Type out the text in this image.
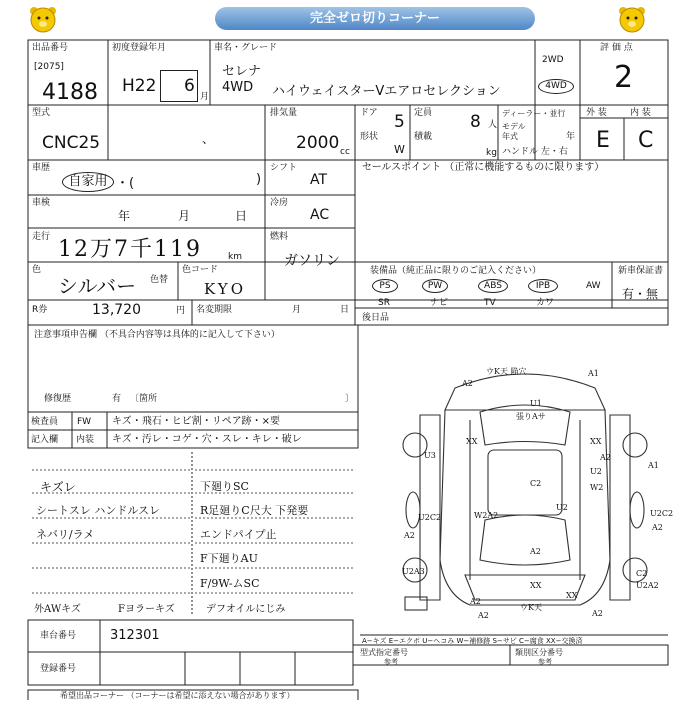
完全ゼロ切りコーナー
出品番号
[2075]
4188
初度登録年月
H22 6
月
車名・グレード
セレナ
4WD ハイウェイスターVエアロセレクション
2WD
4WD
評 価 点
2
型式
CNC25	、
排気量
2000 cc
ドア 5 定員 8 人
形状
W
積載
kg
ディーラー・並行
モデル年式	年
ハンドル 左・右
外 装	内 装
E C
車歴
自家用 ・(	)
シフト
AT
セールスポイント （正常に機能するものに限ります）
車検
年	月	日
冷房
AC
走行 12万7千119	km
燃料
ガソリン
色
シルバー 色替
色コード
KYO
装備品（純正品に限りのご記入ください）
PS	PW	ABS	IPB	AW
SR	ナビ	TV	カワ
新車保証書
有・無
R券	13,720	円 名変期限	月	日
後日品
注意事項申告欄 （不具合内容等は具体的に記入して下さい）
修復歴	有 〔箇所	〕
検査員 FW キズ・飛石・ヒビ割・リペア跡・×要
記入欄 内装 キズ・汚レ・コゲ・穴・スレ・キレ・破レ
キズレ
シートスレ ハンドルスレ
ネバリ/ラメ
下廻りSC
R足廻りC尺大 下発要
エンドパイプ止
F下廻りAU
F/9W-ムSC
外AWキズ	Fヨラーキズ	デフオイルにじみ
ウK天 陥穴	A1
A2
U1
張りAサ
XX	XX
U3
C2	W2
A1
U2C2	W2A2
A2
U2A3
A2
XX
U2
A2
C2
U2A2
U2C2
A2
U2
A2
XX
ウK天
A2	A2
A−キズ E−エクボ U−ヘコみ W−補修跡 S−サビ C−腐食 XX−交換済
車台番号	312301
登録番号
型式指定番号
参考
類別区分番号
参考
希望出品コーナー （コーナーは希望に添えない場合があります）
